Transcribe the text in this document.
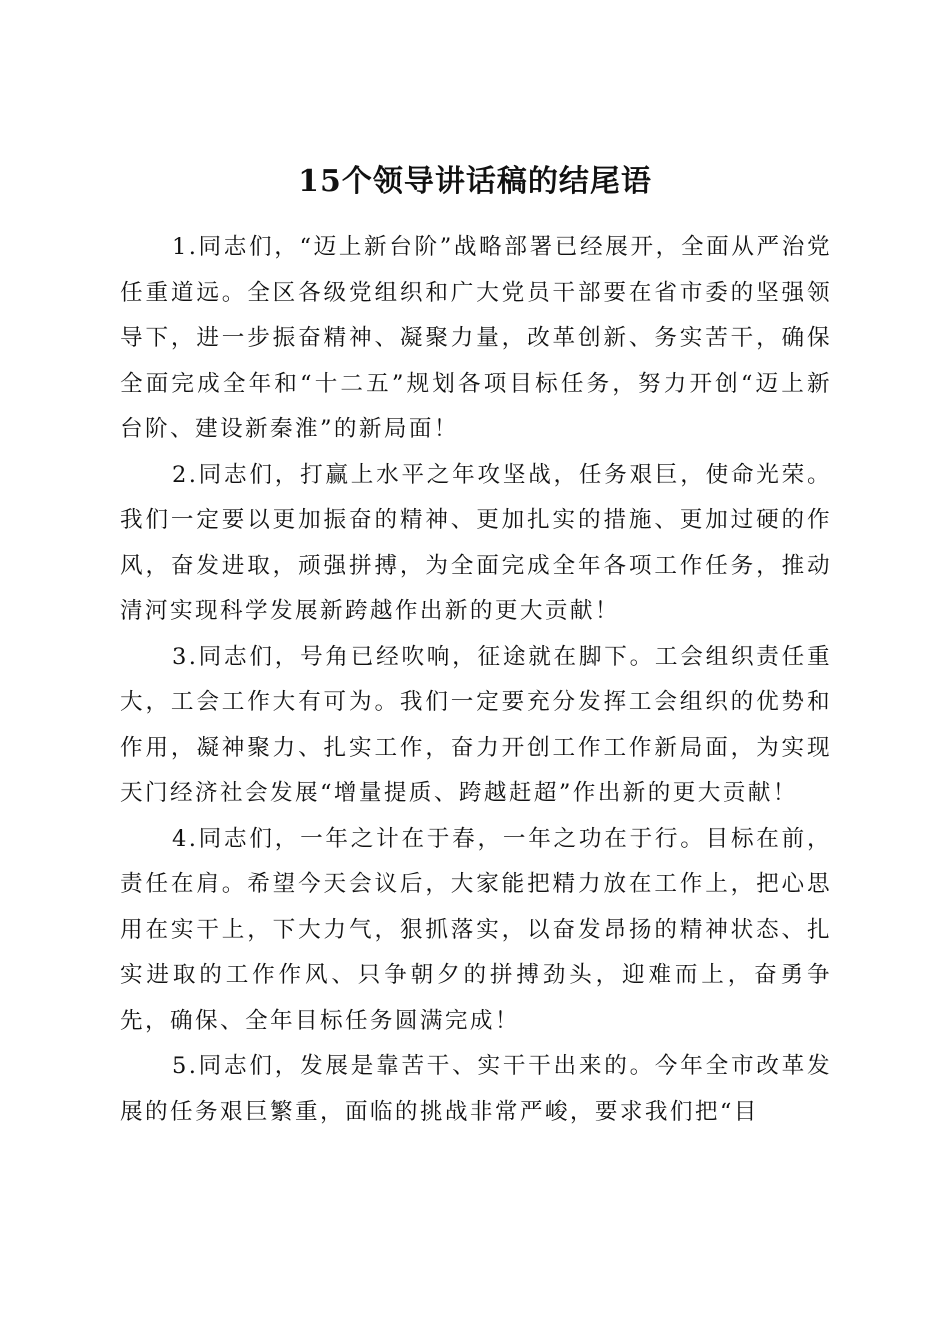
15个领导讲话稿的结尾语

1.同志们，“迈上新台阶”战略部署已经展开，全面从严治党任重道远。全区各级党组织和广大党员干部要在省市委的坚强领导下，进一步振奋精神、凝聚力量，改革创新、务实苦干，确保全面完成全年和“十二五”规划各项目标任务，努力开创“迈上新台阶、建设新秦淮”的新局面！

2.同志们，打赢上水平之年攻坚战，任务艰巨，使命光荣。我们一定要以更加振奋的精神、更加扎实的措施、更加过硬的作风，奋发进取，顽强拼搏，为全面完成全年各项工作任务，推动清河实现科学发展新跨越作出新的更大贡献！

3.同志们，号角已经吹响，征途就在脚下。工会组织责任重大，工会工作大有可为。我们一定要充分发挥工会组织的优势和作用，凝神聚力、扎实工作，奋力开创工作工作新局面，为实现天门经济社会发展“增量提质、跨越赶超”作出新的更大贡献！

4.同志们，一年之计在于春，一年之功在于行。目标在前，责任在肩。希望今天会议后，大家能把精力放在工作上，把心思用在实干上，下大力气，狠抓落实，以奋发昂扬的精神状态、扎实进取的工作作风、只争朝夕的拼搏劲头，迎难而上，奋勇争先，确保、全年目标任务圆满完成！

5.同志们，发展是靠苦干、实干干出来的。今年全市改革发展的任务艰巨繁重，面临的挑战非常严峻，要求我们把“目
